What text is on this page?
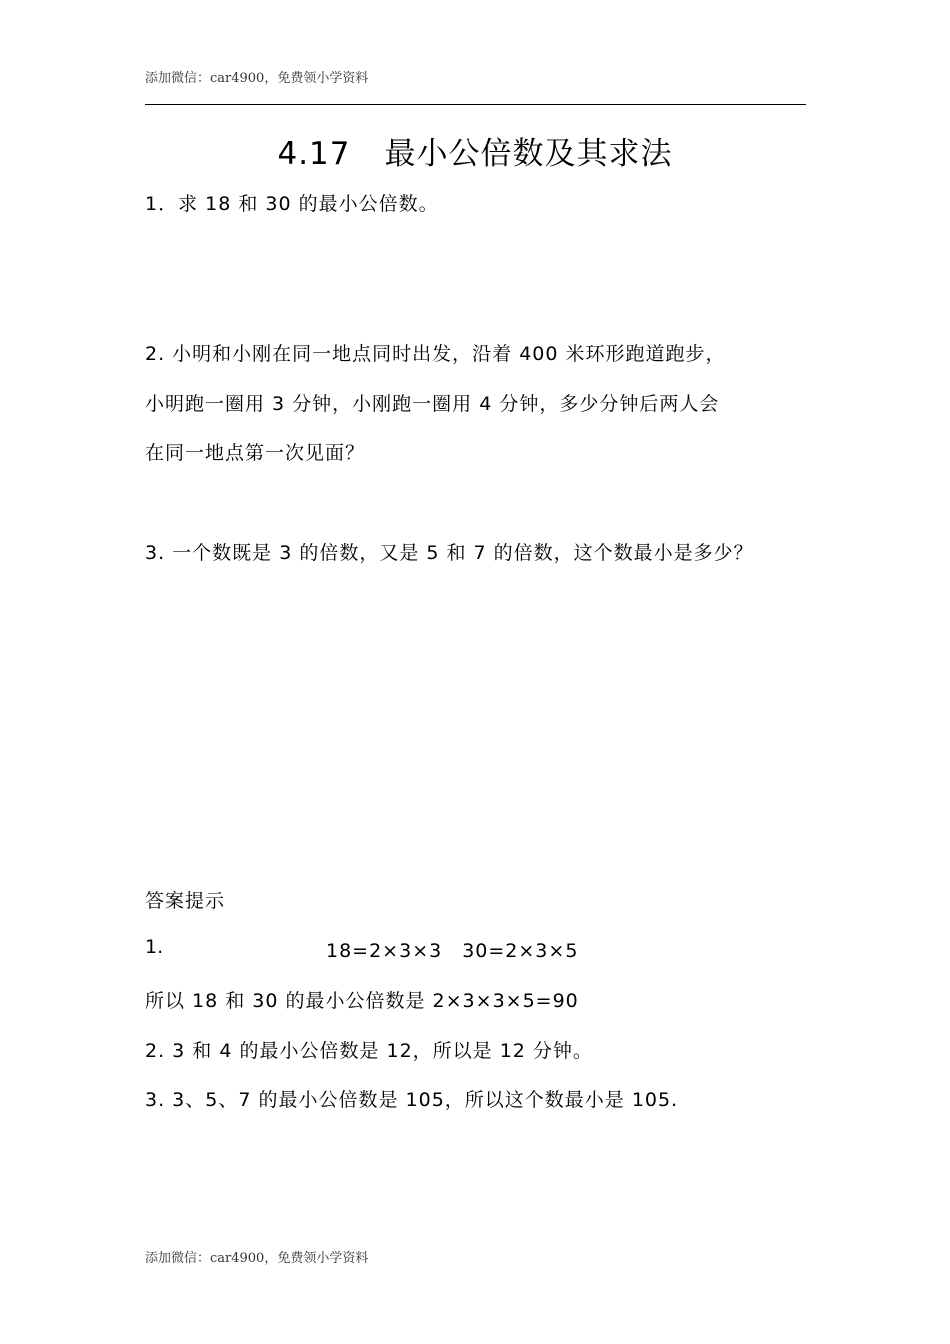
添加微信：car4900，免费领小学资料
4.17 最小公倍数及其求法
1．求 18 和 30 的最小公倍数。
2. 小明和小刚在同一地点同时出发，沿着 400 米环形跑道跑步，
小明跑一圈用 3 分钟，小刚跑一圈用 4 分钟，多少分钟后两人会
在同一地点第一次见面？
3. 一个数既是 3 的倍数，又是 5 和 7 的倍数，这个数最小是多少？
答案提示
1.	18=2×3×3　30=2×3×5
所以 18 和 30 的最小公倍数是 2×3×3×5=90
2. 3 和 4 的最小公倍数是 12，所以是 12 分钟。
3. 3、5、7 的最小公倍数是 105，所以这个数最小是 105.
添加微信：car4900，免费领小学资料
